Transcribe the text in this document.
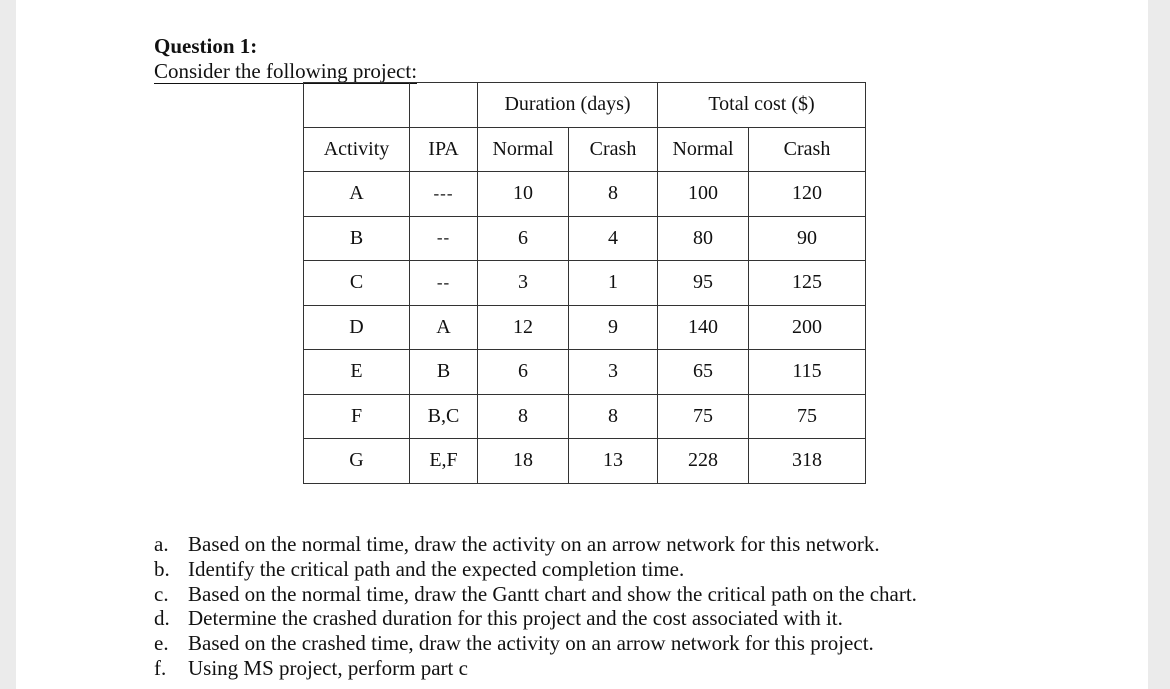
Question 1:
Consider the following project:
		Duration (days)		Total cost ($)	
Activity	IPA	Normal	Crash	Normal	Crash
A	---	10	8	100	120
B	--	6	4	80	90
C	--	3	1	95	125
D	A	12	9	140	200
E	B	6	3	65	115
F	B,C	8	8	75	75
G	E,F	18	13	228	318
a. Based on the normal time, draw the activity on an arrow network for this network.
b. Identify the critical path and the expected completion time.
c. Based on the normal time, draw the Gantt chart and show the critical path on the chart.
d. Determine the crashed duration for this project and the cost associated with it.
e. Based on the crashed time, draw the activity on an arrow network for this project.
f. Using MS project, perform part c
